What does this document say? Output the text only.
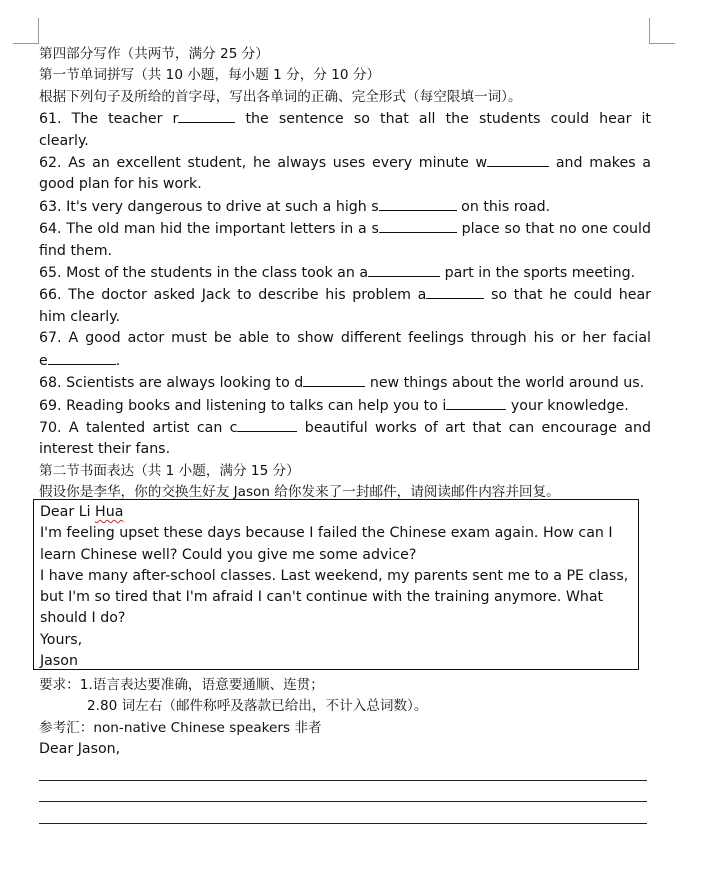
第四部分写作（共两节，满分 25 分）
第一节单词拼写（共 10 小题，每小题 1 分，分 10 分）
根据下列句子及所给的首字母，写出各单词的正确、完全形式（每空限填一词）。
61. The teacher r	the sentence so that all the students could hear it
clearly.
62. As an excellent student, he always uses every minute w	and makes a
good plan for his work.
63. It's very dangerous to drive at such a high s	on this road.
64. The old man hid the important letters in a s	place so that no one could
find them.
65. Most of the students in the class took an a	part in the sports meeting.
66. The doctor asked Jack to describe his problem a	so that he could hear
him clearly.
67. A good actor must be able to show different feelings through his or her facial
e	.
68. Scientists are always looking to d	new things about the world around us.
69. Reading books and listening to talks can help you to i	your knowledge.
70. A talented artist can c	beautiful works of art that can encourage and
interest their fans.
第二节书面表达（共 1 小题，满分 15 分）
假设你是李华，你的交换生好友 Jason 给你发来了一封邮件，请阅读邮件内容并回复。
Dear Li Hua
I'm feeling upset these days because I failed the Chinese exam again. How can I
learn Chinese well? Could you give me some advice?
I have many after-school classes. Last weekend, my parents sent me to a PE class,
but I'm so tired that I'm afraid I can't continue with the training anymore. What
should I do?
Yours,
Jason
要求：1.语言表达要准确，语意要通顺、连贯；
2.80 词左右（邮件称呼及落款已给出，不计入总词数）。
参考汇：non-native Chinese speakers 非者
Dear Jason,
